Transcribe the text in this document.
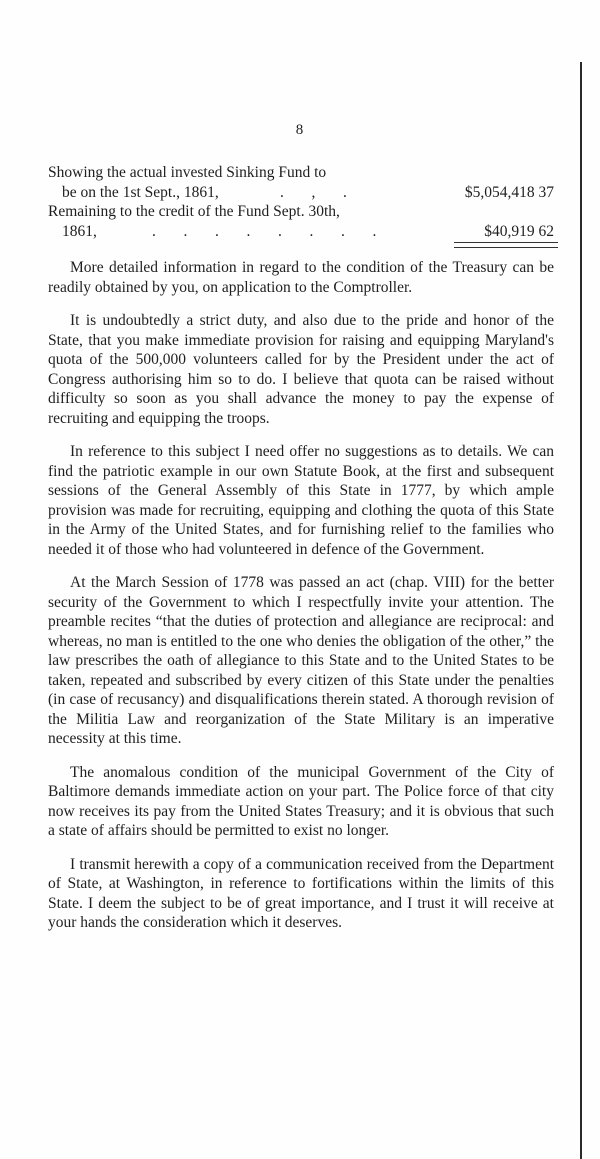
8
Showing the actual invested Sinking Fund to
be on the 1st Sept., 1861,	.   ,   .	$5,054,418 37
Remaining to the credit of the Fund Sept. 30th,
1861,	.   .   .   .   .   .   .   .	$40,919 62

More detailed information in regard to the condition of the Treasury can be readily obtained by you, on application to the Comptroller.

It is undoubtedly a strict duty, and also due to the pride and honor of the State, that you make immediate provision for raising and equipping Maryland's quota of the 500,000 volunteers called for by the President under the act of Congress authorising him so to do. I believe that quota can be raised without difficulty so soon as you shall advance the money to pay the expense of recruiting and equipping the troops.

In reference to this subject I need offer no suggestions as to details. We can find the patriotic example in our own Statute Book, at the first and subsequent sessions of the General Assembly of this State in 1777, by which ample provision was made for recruiting, equipping and clothing the quota of this State in the Army of the United States, and for furnishing relief to the families who needed it of those who had volunteered in defence of the Government.

At the March Session of 1778 was passed an act (chap. VIII) for the better security of the Government to which I respectfully invite your attention. The preamble recites “that the duties of protection and allegiance are reciprocal: and whereas, no man is entitled to the one who denies the obligation of the other,” the law prescribes the oath of allegiance to this State and to the United States to be taken, repeated and subscribed by every citizen of this State under the penalties (in case of recusancy) and disqualifications therein stated. A thorough revision of the Militia Law and reorganization of the State Military is an imperative necessity at this time.

The anomalous condition of the municipal Government of the City of Baltimore demands immediate action on your part. The Police force of that city now receives its pay from the United States Treasury; and it is obvious that such a state of affairs should be permitted to exist no longer.

I transmit herewith a copy of a communication received from the Department of State, at Washington, in reference to fortifications within the limits of this State. I deem the subject to be of great importance, and I trust it will receive at your hands the consideration which it deserves.
